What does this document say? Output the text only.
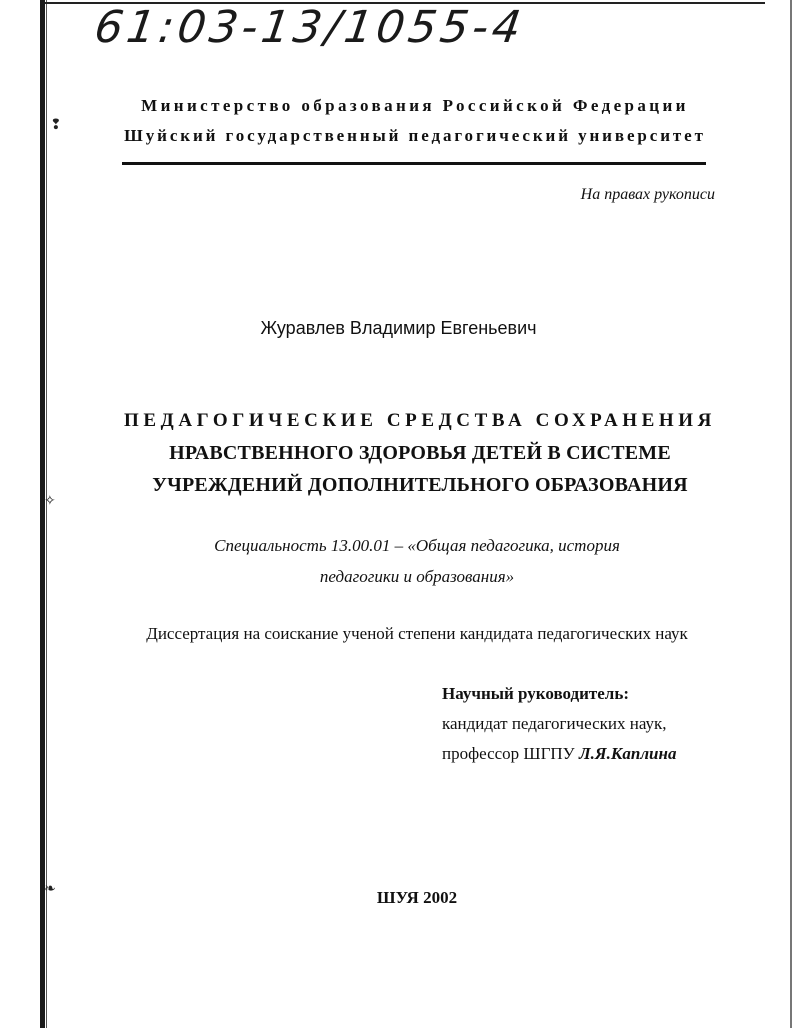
❢
✧
❧
61:03-13/1055-4
Министерство образования Российской Федерации
Шуйский государственный педагогический университет
На правах рукописи
Журавлев Владимир Евгеньевич
ПЕДАГОГИЧЕСКИЕ СРЕДСТВА СОХРАНЕНИЯ
НРАВСТВЕННОГО ЗДОРОВЬЯ ДЕТЕЙ В СИСТЕМЕ
УЧРЕЖДЕНИЙ ДОПОЛНИТЕЛЬНОГО ОБРАЗОВАНИЯ
Специальность 13.00.01 – «Общая педагогика, история
педагогики и образования»
Диссертация на соискание ученой степени кандидата педагогических наук
Научный руководитель:
кандидат педагогических наук,
профессор ШГПУ Л.Я.Каплина
ШУЯ 2002
